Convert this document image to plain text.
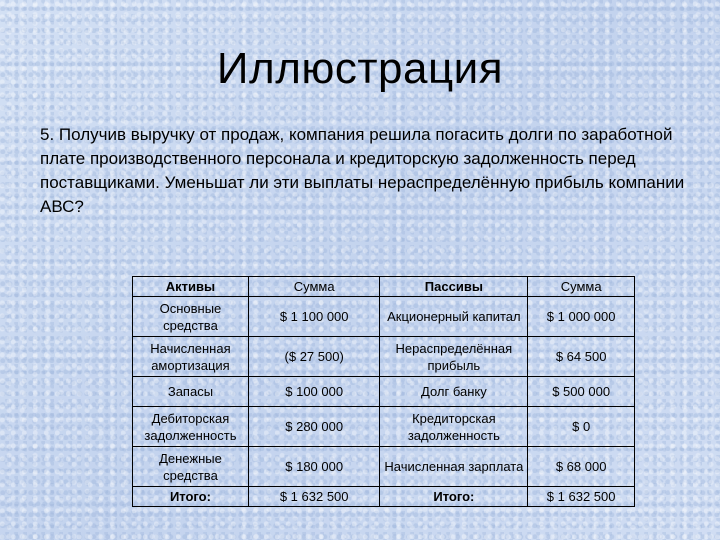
Иллюстрация
5. Получив выручку от продаж, компания решила погасить долги по заработной плате производственного персонала и кредиторскую задолженность перед поставщиками. Уменьшат ли эти выплаты нераспределённую прибыль компании АВС?
Активы	Сумма	Пассивы	Сумма
Основные средства	$ 1 100 000	Акционерный капитал	$ 1 000 000
Начисленная амортизация	($ 27 500)	Нераспределённая прибыль	$ 64 500
Запасы	$ 100 000	Долг банку	$ 500 000
Дебиторская задолженность	$ 280 000	Кредиторская задолженность	$ 0
Денежные средства	$ 180 000	Начисленная зарплата	$ 68 000
Итого:	$ 1 632 500	Итого:	$ 1 632 500
